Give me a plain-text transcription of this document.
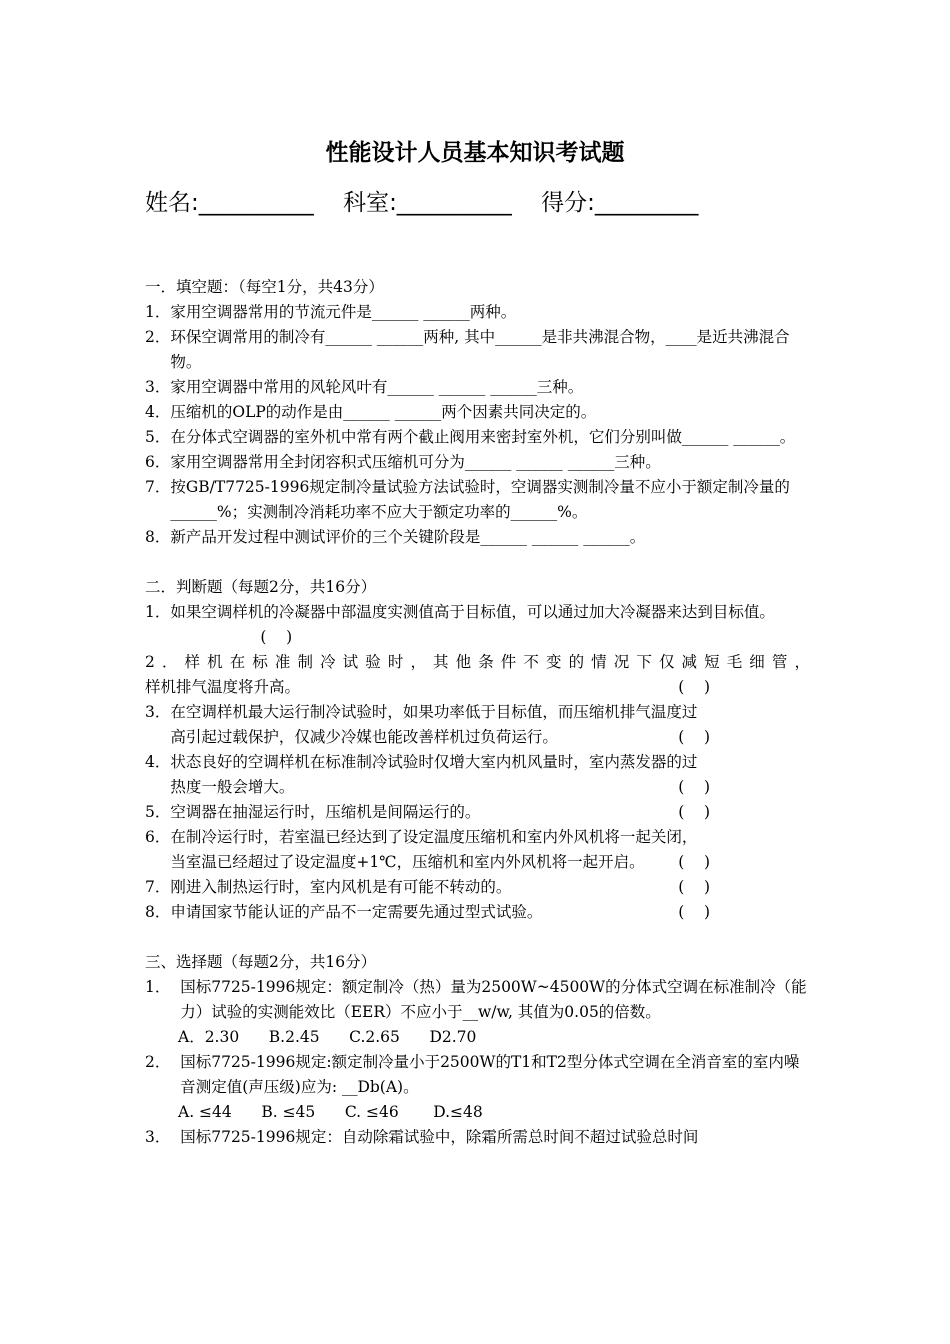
性能设计人员基本知识考试题
姓名:__________ 科室:__________ 得分:_________
一．填空题：（每空1分，共43分）
1． 家用空调器常用的节流元件是______ ______两种。
2． 环保空调常用的制冷有______ ______两种, 其中______是非共沸混合物，____是近共沸混合物。
3． 家用空调器中常用的风轮风叶有______ ______ ______三种。
4． 压缩机的OLP的动作是由______ ______两个因素共同决定的。
5． 在分体式空调器的室外机中常有两个截止阀用来密封室外机，它们分别叫做______ ______。
6． 家用空调器常用全封闭容积式压缩机可分为______ ______ ______三种。
7． 按GB/T7725-1996规定制冷量试验方法试验时，空调器实测制冷量不应小于额定制冷量的______%；实测制冷消耗功率不应大于额定功率的______%。
8． 新产品开发过程中测试评价的三个关键阶段是______ ______ ______。
二．判断题（每题2分，共16分）
1． 如果空调样机的冷凝器中部温度实测值高于目标值，可以通过加大冷凝器来达到目标值。(    )
2．样机在标准制冷试验时，其他条件不变的情况下仅减短毛细管，
样机排气温度将升高。	(    )
3． 在空调样机最大运行制冷试验时，如果功率低于目标值，而压缩机排气温度过高引起过载保护，仅减少冷媒也能改善样机过负荷运行。	(    )
4． 状态良好的空调样机在标准制冷试验时仅增大室内机风量时，室内蒸发器的过热度一般会增大。	(    )
5． 空调器在抽湿运行时，压缩机是间隔运行的。	(    )
6． 在制冷运行时，若室温已经达到了设定温度压缩机和室内外风机将一起关闭，当室温已经超过了设定温度+1℃，压缩机和室内外风机将一起开启。 (    )
7． 刚进入制热运行时，室内风机是有可能不转动的。	(    )
8． 申请国家节能认证的产品不一定需要先通过型式试验。	(    )
三、选择题（每题2分，共16分）
1． 国标7725-1996规定：额定制冷（热）量为2500W~4500W的分体式空调在标准制冷（能力）试验的实测能效比（EER）不应小于__w/w, 其值为0.05的倍数。
A．2.30      B.2.45      C.2.65      D2.70
2． 国标7725-1996规定:额定制冷量小于2500W的T1和T2型分体式空调在全消音室的室内噪音测定值(声压级)应为: __Db(A)。
A. ≤44      B. ≤45      C. ≤46       D.≤48
3． 国标7725-1996规定：自动除霜试验中，除霜所需总时间不超过试验总时间
